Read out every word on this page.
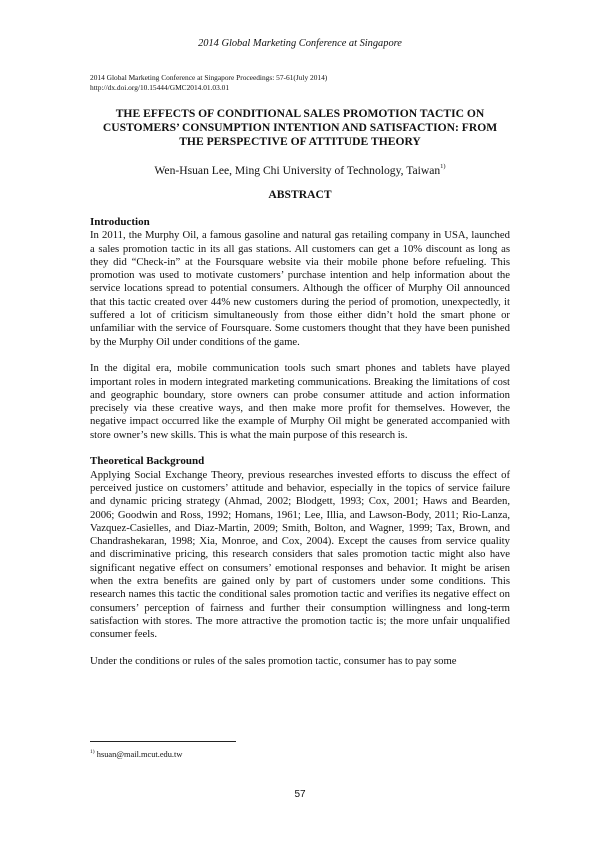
2014 Global Marketing Conference at Singapore
2014 Global Marketing Conference at Singapore Proceedings: 57-61(July 2014)
http://dx.doi.org/10.15444/GMC2014.01.03.01
THE EFFECTS OF CONDITIONAL SALES PROMOTION TACTIC ON CUSTOMERS’ CONSUMPTION INTENTION AND SATISFACTION: FROM THE PERSPECTIVE OF ATTITUDE THEORY
Wen-Hsuan Lee, Ming Chi University of Technology, Taiwan$^{1)}$
ABSTRACT
Introduction

In 2011, the Murphy Oil, a famous gasoline and natural gas retailing company in USA, launched a sales promotion tactic in its all gas stations. All customers can get a 10% discount as long as they did “Check-in” at the Foursquare website via their mobile phone before refueling. This promotion was used to motivate customers’ purchase intention and help information about the service locations spread to potential consumers. Although the officer of Murphy Oil announced that this tactic created over 44% new customers during the period of promotion, unexpectedly, it suffered a lot of criticism simultaneously from those either didn’t hold the smart phone or unfamiliar with the service of Foursquare. Some customers thought that they have been punished by the Murphy Oil under conditions of the game.

In the digital era, mobile communication tools such smart phones and tablets have played important roles in modern integrated marketing communications. Breaking the limitations of cost and geographic boundary, store owners can probe consumer attitude and action information precisely via these creative ways, and then make more profit for themselves. However, the negative impact occurred like the example of Murphy Oil might be generated accompanied with store owner’s new skills. This is what the main purpose of this research is.

Theoretical Background

Applying Social Exchange Theory, previous researches invested efforts to discuss the effect of perceived justice on customers’ attitude and behavior, especially in the topics of service failure and dynamic pricing strategy (Ahmad, 2002; Blodgett, 1993; Cox, 2001; Haws and Bearden, 2006; Goodwin and Ross, 1992; Homans, 1961; Lee, Illia, and Lawson-Body, 2011; Rio-Lanza, Vazquez-Casielles, and Diaz-Martin, 2009; Smith, Bolton, and Wagner, 1999; Tax, Brown, and Chandrashekaran, 1998; Xia, Monroe, and Cox, 2004). Except the causes from service quality and discriminative pricing, this research considers that sales promotion tactic might also have significant negative effect on consumers’ emotional responses and behavior. It might be arisen when the extra benefits are gained only by part of customers under some conditions. This research names this tactic the conditional sales promotion tactic and verifies its negative effect on consumers’ perception of fairness and further their consumption willingness and long-term satisfaction with stores. The more attractive the promotion tactic is; the more unfair unqualified consumer feels.

Under the conditions or rules of the sales promotion tactic, consumer has to pay some

$^{1)}$ hsuan@mail.mcut.edu.tw
57
